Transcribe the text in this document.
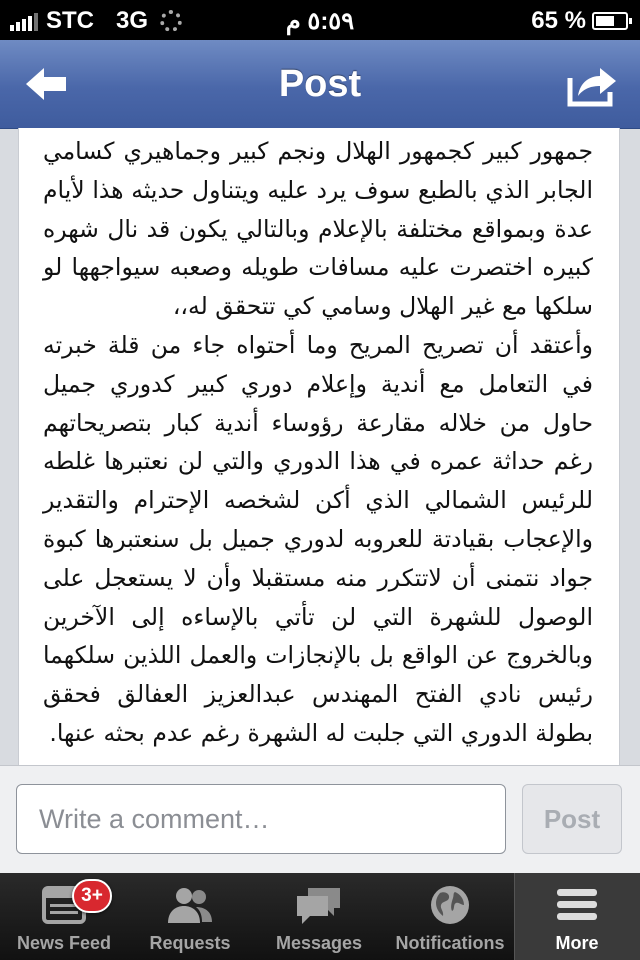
STC 3G	٥:٥٩ م	65 %
Post

جمهور كبير كجمهور الهلال ونجم كبير وجماهيري كسامي الجابر الذي بالطبع سوف يرد عليه ويتناول حديثه هذا لأيام عدة وبمواقع مختلفة بالإعلام وبالتالي يكون قد نال شهره كبيره اختصرت عليه مسافات طويله وصعبه سيواجهها لو سلكها مع غير الهلال وسامي كي تتحقق له،،
وأعتقد أن تصريح المريح وما أحتواه جاء من قلة خبرته في التعامل مع أندية وإعلام دوري كبير كدوري جميل حاول من خلاله مقارعة رؤوساء أندية كبار بتصريحاتهم رغم حداثة عمره في هذا الدوري والتي لن نعتبرها غلطه للرئيس الشمالي الذي أكن لشخصه الإحترام والتقدير والإعجاب بقيادتة للعروبه لدوري جميل بل سنعتبرها كبوة جواد نتمنى أن لاتتكرر منه مستقبلا وأن لا يستعجل على الوصول للشهرة التي لن تأتي بالإساءه إلى الآخرين وبالخروج عن الواقع بل بالإنجازات والعمل اللذين سلكهما رئيس نادي الفتح المهندس عبدالعزيز العفالق فحقق بطولة الدوري التي جلبت له الشهرة رغم عدم بحثه عنها.

Write a comment…
Post
News Feed
3+
Requests	Messages Notifications	More
